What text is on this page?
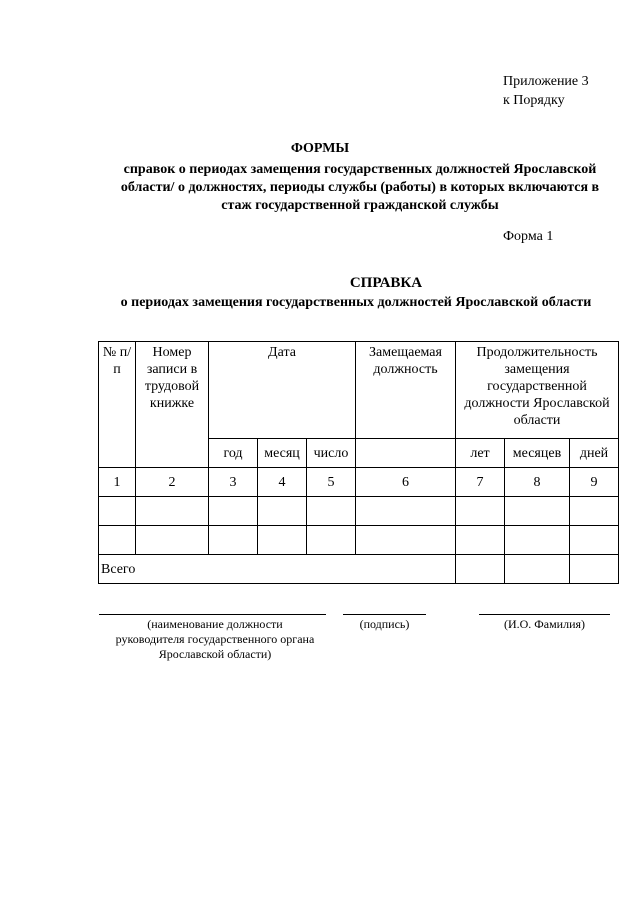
Приложение 3
к Порядку
ФОРМЫ
справок о периодах замещения государственных должностей Ярославской области/ о должностях, периоды службы (работы) в которых включаются в стаж государственной гражданской службы
Форма 1
СПРАВКА
о периодах замещения государственных должностей Ярославской области
№ п/п	Номер записи в трудовой книжке	Дата			Замещаемая должность	Продолжительность замещения государственной должности Ярославской области		
		год	месяц	число		лет	месяцев	дней
1	2	3	4	5	6	7	8	9

Всего								
(наименование должности руководителя государственного органа Ярославской области)
(подпись)	(И.О. Фамилия)
